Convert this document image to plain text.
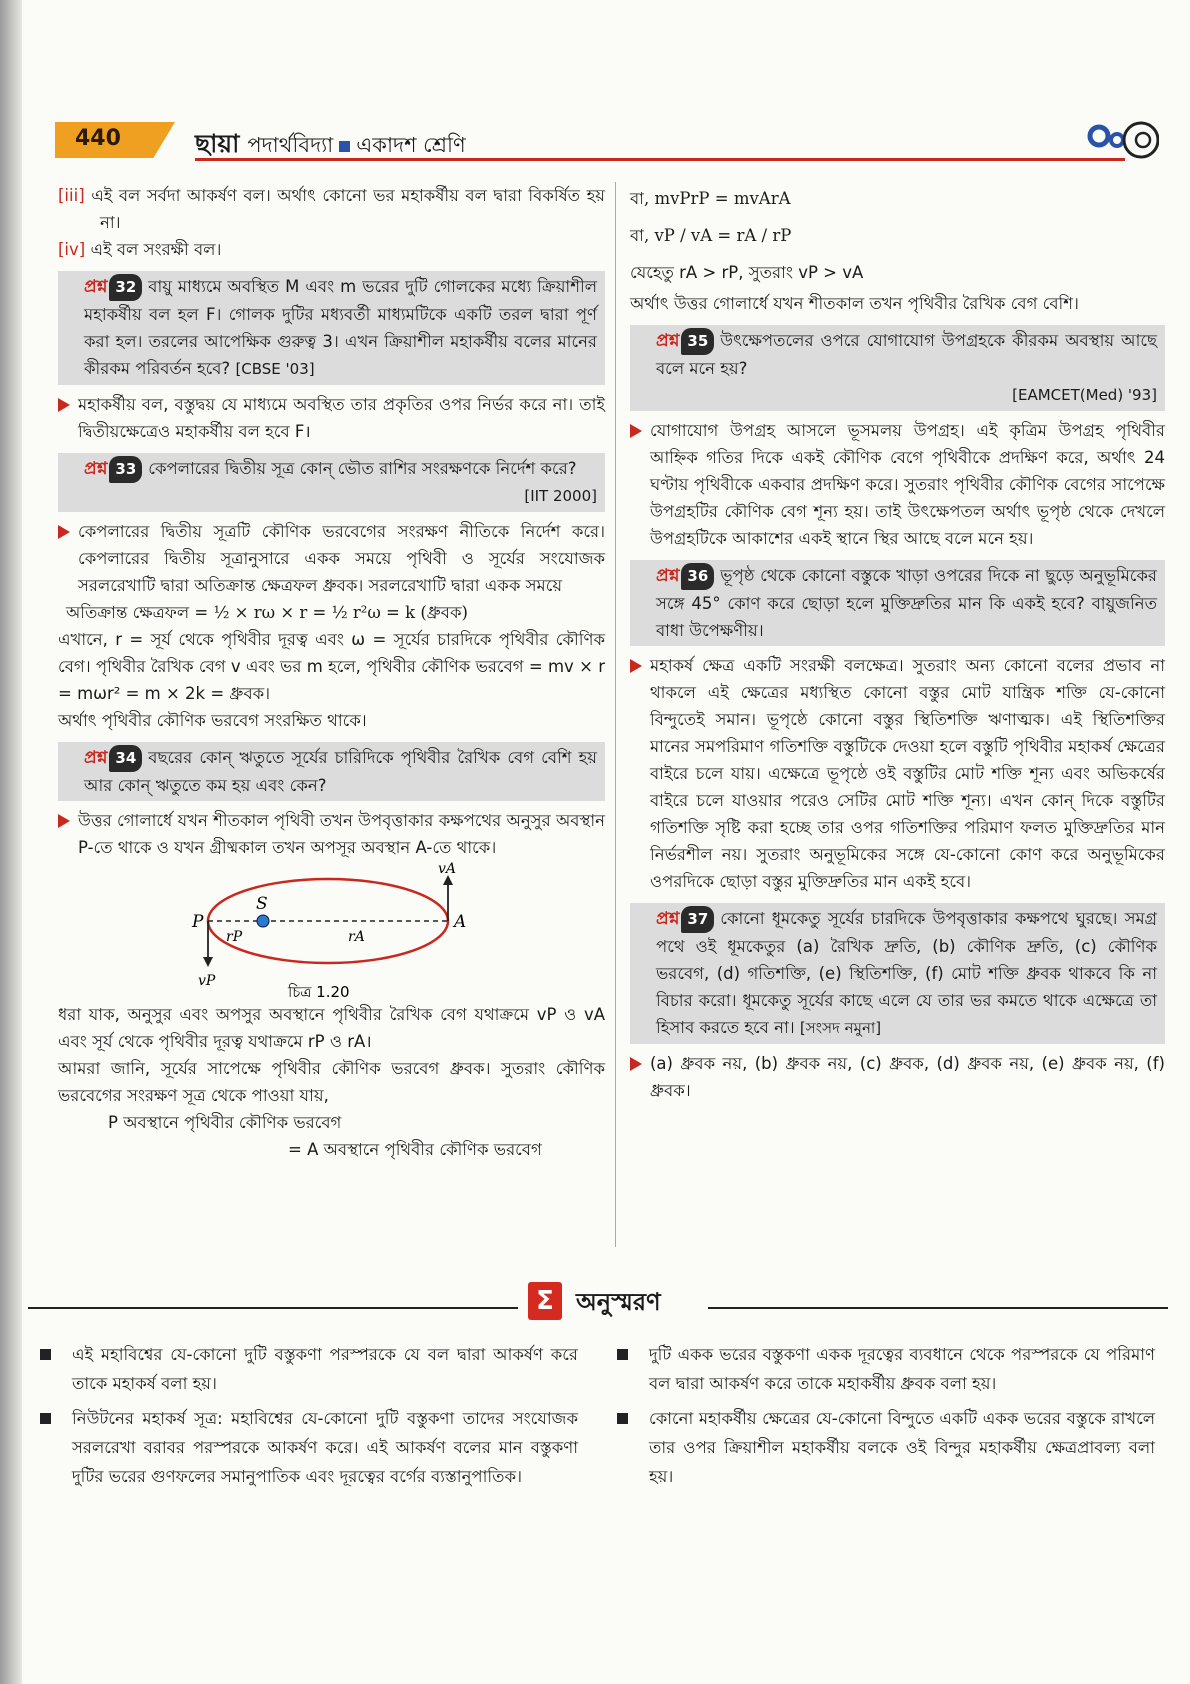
440	ছায়া পদার্থবিদ্যা একাদশ শ্রেণি

[iii] এই বল সর্বদা আকর্ষণ বল। অর্থাৎ কোনো ভর মহাকর্ষীয় বল দ্বারা বিকর্ষিত হয় না।

[iv] এই বল সংরক্ষী বল।

প্রশ্ন 32 বায়ু মাধ্যমে অবস্থিত M এবং m ভরের দুটি গোলকের মধ্যে ক্রিয়াশীল মহাকর্ষীয় বল হল F। গোলক দুটির মধ্যবর্তী মাধ্যমটিকে একটি তরল দ্বারা পূর্ণ করা হল। তরলের আপেক্ষিক গুরুত্ব 3। এখন ক্রিয়াশীল মহাকর্ষীয় বলের মানের কীরকম পরিবর্তন হবে? [CBSE '03]

মহাকর্ষীয় বল, বস্তুদ্বয় যে মাধ্যমে অবস্থিত তার প্রকৃতির ওপর নির্ভর করে না। তাই দ্বিতীয়ক্ষেত্রেও মহাকর্ষীয় বল হবে F।

প্রশ্ন 33 কেপলারের দ্বিতীয় সূত্র কোন্ ভৌত রাশির সংরক্ষণকে নির্দেশ করে?
[IIT 2000]

কেপলারের দ্বিতীয় সূত্রটি কৌণিক ভরবেগের সংরক্ষণ নীতিকে নির্দেশ করে। কেপলারের দ্বিতীয় সূত্রানুসারে একক সময়ে পৃথিবী ও সূর্যের সংযোজক সরলরেখাটি দ্বারা অতিক্রান্ত ক্ষেত্রফল ধ্রুবক। সরলরেখাটি দ্বারা একক সময়ে

অতিক্রান্ত ক্ষেত্রফল = ½ × rω × r = ½ r²ω = k (ধ্রুবক)

এখানে, r = সূর্য থেকে পৃথিবীর দূরত্ব এবং ω = সূর্যের চারদিকে পৃথিবীর কৌণিক বেগ। পৃথিবীর রৈখিক বেগ v এবং ভর m হলে, পৃথিবীর কৌণিক ভরবেগ = mv × r = mωr² = m × 2k = ধ্রুবক।

অর্থাৎ পৃথিবীর কৌণিক ভরবেগ সংরক্ষিত থাকে।

প্রশ্ন 34 বছরের কোন্ ঋতুতে সূর্যের চারিদিকে পৃথিবীর রৈখিক বেগ বেশি হয় আর কোন্ ঋতুতে কম হয় এবং কেন?

উত্তর গোলার্ধে যখন শীতকাল পৃথিবী তখন উপবৃত্তাকার কক্ষপথের অনুসুর অবস্থান P-তে থাকে ও যখন গ্রীষ্মকাল তখন অপসূর অবস্থান A-তে থাকে।

P	A
S
vA
vP
rP	rA
চিত্র 1.20

ধরা যাক, অনুসুর এবং অপসুর অবস্থানে পৃথিবীর রৈখিক বেগ যথাক্রমে vP ও vA এবং সূর্য থেকে পৃথিবীর দূরত্ব যথাক্রমে rP ও rA।

আমরা জানি, সূর্যের সাপেক্ষে পৃথিবীর কৌণিক ভরবেগ ধ্রুবক। সুতরাং কৌণিক ভরবেগের সংরক্ষণ সূত্র থেকে পাওয়া যায়,

P অবস্থানে পৃথিবীর কৌণিক ভরবেগ

= A অবস্থানে পৃথিবীর কৌণিক ভরবেগ

বা, mvPrP = mvArA

বা, vP / vA = rA / rP

যেহেতু rA > rP, সুতরাং vP > vA

অর্থাৎ উত্তর গোলার্ধে যখন শীতকাল তখন পৃথিবীর রৈখিক বেগ বেশি।

প্রশ্ন 35 উৎক্ষেপতলের ওপরে যোগাযোগ উপগ্রহকে কীরকম অবস্থায় আছে বলে মনে হয়?
[EAMCET(Med) '93]

যোগাযোগ উপগ্রহ আসলে ভূসমলয় উপগ্রহ। এই কৃত্রিম উপগ্রহ পৃথিবীর আহ্নিক গতির দিকে একই কৌণিক বেগে পৃথিবীকে প্রদক্ষিণ করে, অর্থাৎ 24 ঘণ্টায় পৃথিবীকে একবার প্রদক্ষিণ করে। সুতরাং পৃথিবীর কৌণিক বেগের সাপেক্ষে উপগ্রহটির কৌণিক বেগ শূন্য হয়। তাই উৎক্ষেপতল অর্থাৎ ভূপৃষ্ঠ থেকে দেখলে উপগ্রহটিকে আকাশের একই স্থানে স্থির আছে বলে মনে হয়।

প্রশ্ন 36 ভূপৃষ্ঠ থেকে কোনো বস্তুকে খাড়া ওপরের দিকে না ছুড়ে অনুভূমিকের সঙ্গে 45° কোণ করে ছোড়া হলে মুক্তিদ্রুতির মান কি একই হবে? বায়ুজনিত বাধা উপেক্ষণীয়।

মহাকর্ষ ক্ষেত্র একটি সংরক্ষী বলক্ষেত্র। সুতরাং অন্য কোনো বলের প্রভাব না থাকলে এই ক্ষেত্রের মধ্যস্থিত কোনো বস্তুর মোট যান্ত্রিক শক্তি যে-কোনো বিন্দুতেই সমান। ভূপৃষ্ঠে কোনো বস্তুর স্থিতিশক্তি ঋণাত্মক। এই স্থিতিশক্তির মানের সমপরিমাণ গতিশক্তি বস্তুটিকে দেওয়া হলে বস্তুটি পৃথিবীর মহাকর্ষ ক্ষেত্রের বাইরে চলে যায়। এক্ষেত্রে ভূপৃষ্ঠে ওই বস্তুটির মোট শক্তি শূন্য এবং অভিকর্ষের বাইরে চলে যাওয়ার পরেও সেটির মোট শক্তি শূন্য। এখন কোন্ দিকে বস্তুটির গতিশক্তি সৃষ্টি করা হচ্ছে তার ওপর গতিশক্তির পরিমাণ ফলত মুক্তিদ্রুতির মান নির্ভরশীল নয়। সুতরাং অনুভূমিকের সঙ্গে যে-কোনো কোণ করে অনুভূমিকের ওপরদিকে ছোড়া বস্তুর মুক্তিদ্রুতির মান একই হবে।

প্রশ্ন 37 কোনো ধূমকেতু সূর্যের চারদিকে উপবৃত্তাকার কক্ষপথে ঘুরছে। সমগ্র পথে ওই ধূমকেতুর (a) রৈখিক দ্রুতি, (b) কৌণিক দ্রুতি, (c) কৌণিক ভরবেগ, (d) গতিশক্তি, (e) স্থিতিশক্তি, (f) মোট শক্তি ধ্রুবক থাকবে কি না বিচার করো। ধূমকেতু সূর্যের কাছে এলে যে তার ভর কমতে থাকে এক্ষেত্রে তা হিসাব করতে হবে না। [সংসদ নমুনা]

(a) ধ্রুবক নয়, (b) ধ্রুবক নয়, (c) ধ্রুবক, (d) ধ্রুবক নয়, (e) ধ্রুবক নয়, (f) ধ্রুবক।

Σ অনুস্মরণ

এই মহাবিশ্বের যে-কোনো দুটি বস্তুকণা পরস্পরকে যে বল দ্বারা আকর্ষণ করে তাকে মহাকর্ষ বলা হয়।

নিউটনের মহাকর্ষ সূত্র: মহাবিশ্বের যে-কোনো দুটি বস্তুকণা তাদের সংযোজক সরলরেখা বরাবর পরস্পরকে আকর্ষণ করে। এই আকর্ষণ বলের মান বস্তুকণা দুটির ভরের গুণফলের সমানুপাতিক এবং দূরত্বের বর্গের ব্যস্তানুপাতিক।

দুটি একক ভরের বস্তুকণা একক দূরত্বের ব্যবধানে থেকে পরস্পরকে যে পরিমাণ বল দ্বারা আকর্ষণ করে তাকে মহাকর্ষীয় ধ্রুবক বলা হয়।

কোনো মহাকর্ষীয় ক্ষেত্রের যে-কোনো বিন্দুতে একটি একক ভরের বস্তুকে রাখলে তার ওপর ক্রিয়াশীল মহাকর্ষীয় বলকে ওই বিন্দুর মহাকর্ষীয় ক্ষেত্রপ্রাবল্য বলা হয়।
